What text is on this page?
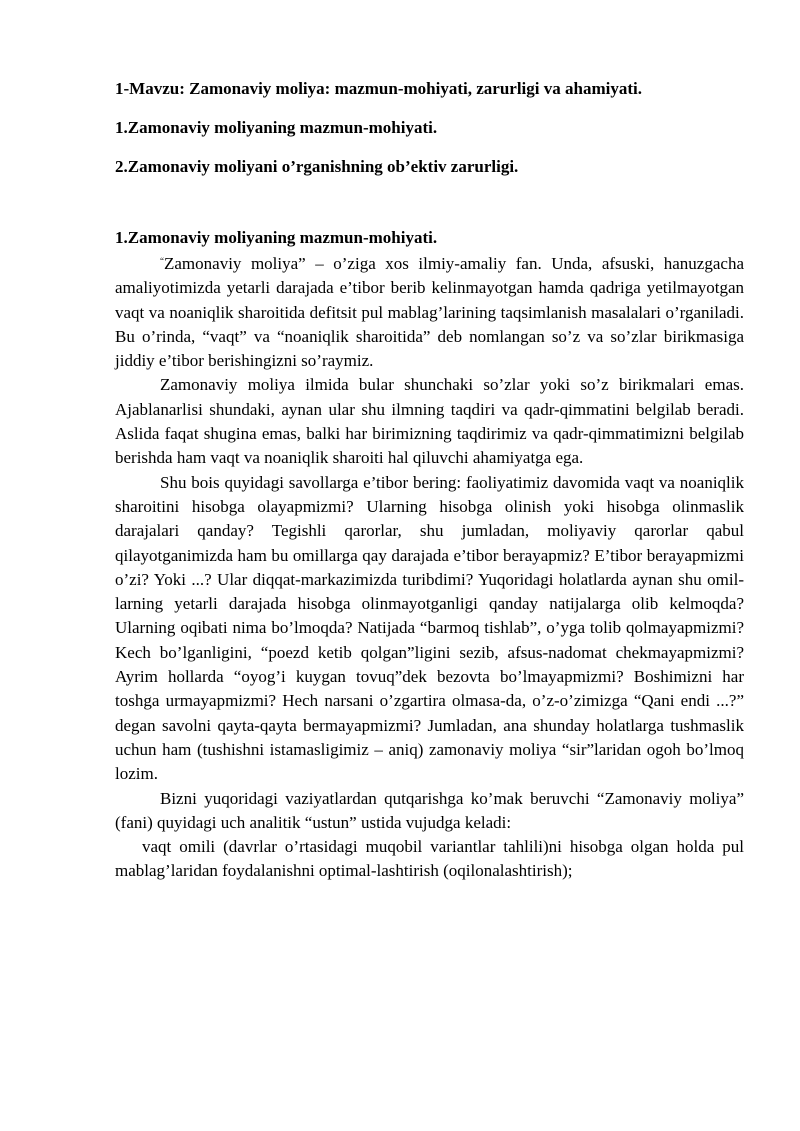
1-Mavzu: Zamonaviy moliya: mazmun-mohiyati, zarurligi va ahamiyati.
1.Zamonaviy moliyaning mazmun-mohiyati.
2.Zamonaviy moliyani o’rganishning ob’ektiv zarurligi.
1.Zamonaviy moliyaning mazmun-mohiyati.

“Zamonaviy moliya” – o’ziga xos ilmiy-amaliy fan. Unda, afsuski, hanuzgacha amaliyotimizda yetarli darajada e’tibor berib kelinmayotgan hamda qadriga yetilmayotgan vaqt va noaniqlik sharoitida defitsit pul mablag’larining taqsimlanish masalalari o’rganiladi. Bu o’rinda, “vaqt” va “noaniqlik sharoitida” deb nomlangan so’z va so’zlar birikmasiga jiddiy e’tibor berishingizni so’raymiz.

Zamonaviy moliya ilmida bular shunchaki so’zlar yoki so’z birikmalari emas. Ajablanarlisi shundaki, aynan ular shu ilmning taqdiri va qadr-qimmatini belgilab beradi. Aslida faqat shugina emas, balki har birimizning taqdirimiz va qadr-qimmatimizni belgilab berishda ham vaqt va noaniqlik sharoiti hal qiluvchi ahamiyatga ega.

Shu bois quyidagi savollarga e’tibor bering: faoliyatimiz davomida vaqt va noaniqlik sharoitini hisobga olayapmizmi? Ularning hisobga olinish yoki hisobga olinmaslik darajalari qanday? Tegishli qarorlar, shu jumladan, moliyaviy qarorlar qabul qilayotganimizda ham bu omillarga qay darajada e’tibor berayapmiz? E’tibor berayapmizmi o’zi? Yoki ...? Ular diqqat-markazimizda turibdimi? Yuqoridagi holatlarda aynan shu omil-larning yetarli darajada hisobga olinmayotganligi qanday natijalarga olib kelmoqda? Ularning oqibati nima bo’lmoqda? Natijada “barmoq tishlab”, o’yga tolib qolmayapmizmi? Kech bo’lganligini, “poezd ketib qolgan”ligini sezib, afsus-nadomat chekmayapmizmi? Ayrim hollarda “oyog’i kuygan tovuq”dek bezovta bo’lmayapmizmi? Boshimizni har toshga urmayapmizmi? Hech narsani o’zgartira olmasa-da, o’z-o’zimizga “Qani endi ...?” degan savolni qayta-qayta bermayapmizmi? Jumladan, ana shunday holatlarga tushmaslik uchun ham (tushishni istamasligimiz – aniq) zamonaviy moliya “sir”laridan ogoh bo’lmoq lozim.

Bizni yuqoridagi vaziyatlardan qutqarishga ko’mak beruvchi “Zamonaviy moliya” (fani) quyidagi uch analitik “ustun” ustida vujudga keladi:

vaqt omili (davrlar o’rtasidagi muqobil variantlar tahlili)ni hisobga olgan holda pul mablag’laridan foydalanishni optimal-lashtirish (oqilonalashtirish);
